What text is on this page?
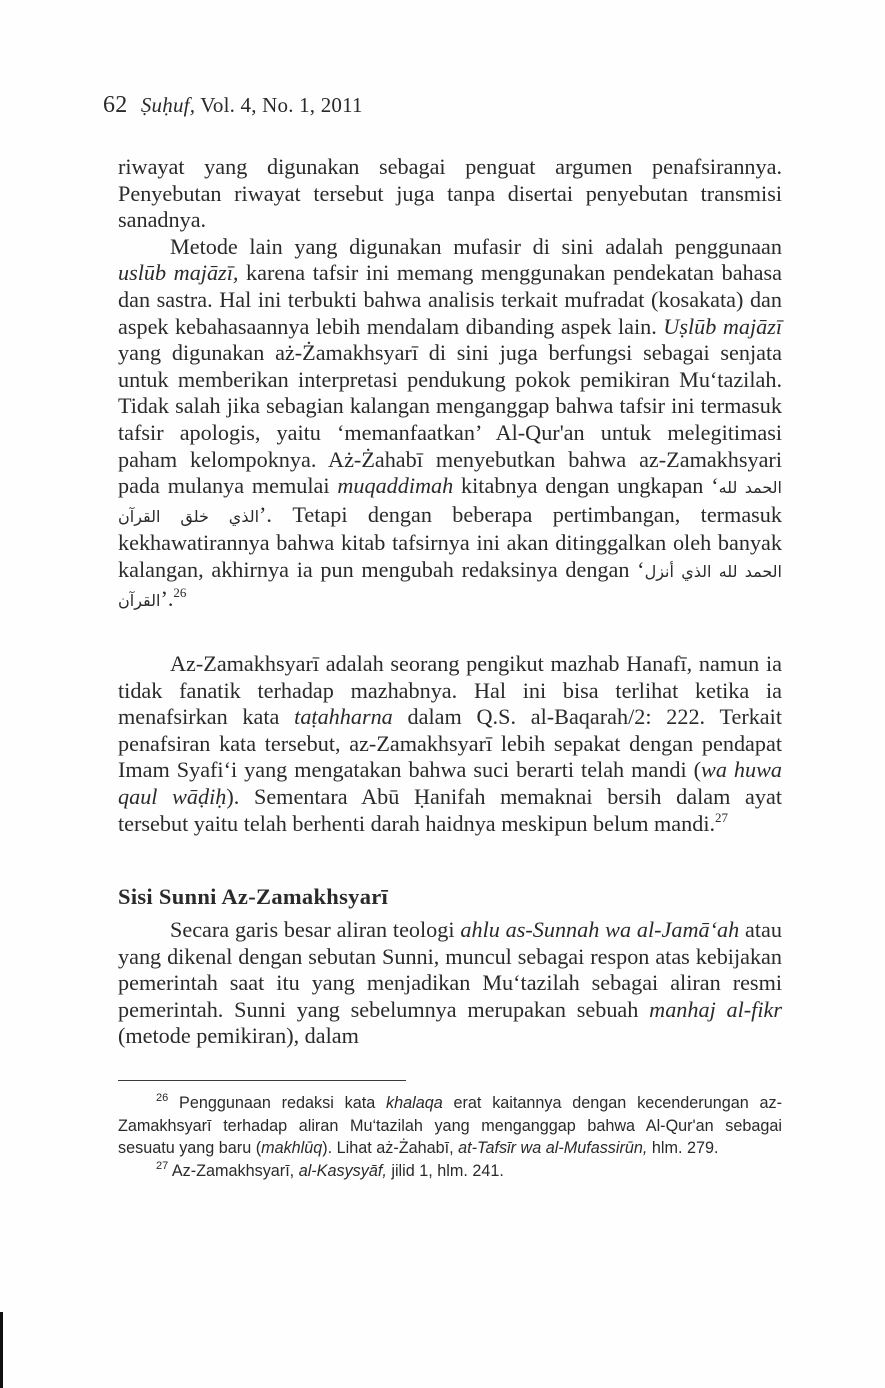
62 Ṣuḥuf, Vol. 4, No. 1, 2011

riwayat yang digunakan sebagai penguat argumen penafsirannya. Penyebutan riwayat tersebut juga tanpa disertai penyebutan transmisi sanadnya.

Metode lain yang digunakan mufasir di sini adalah penggunaan uslūb majāzī, karena tafsir ini memang menggunakan pendekatan bahasa dan sastra. Hal ini terbukti bahwa analisis terkait mufradat (kosakata) dan aspek kebahasaannya lebih mendalam dibanding aspek lain. Uṣlūb majāzī yang digunakan aż-Żamakhsyarī di sini juga berfungsi sebagai senjata untuk memberikan interpretasi pendukung pokok pemikiran Mu‘tazilah. Tidak salah jika sebagian kalangan menganggap bahwa tafsir ini termasuk tafsir apologis, yaitu ‘memanfaatkan’ Al-Qur'an untuk melegitimasi paham kelompoknya. Aż-Żahabī menyebutkan bahwa az-Zamakhsyari pada mulanya memulai muqaddimah kitabnya dengan ungkapan ‘الحمد لله الذي خلق القرآن’. Tetapi dengan beberapa pertimbangan, termasuk kekhawatirannya bahwa kitab tafsirnya ini akan ditinggalkan oleh banyak kalangan, akhirnya ia pun mengubah redaksinya dengan ‘الحمد لله الذي أنزل القرآن’.$^{26}$

Az-Zamakhsyarī adalah seorang pengikut mazhab Hanafī, namun ia tidak fanatik terhadap mazhabnya. Hal ini bisa terlihat ketika ia menafsirkan kata taṭahharna dalam Q.S. al-Baqarah/2: 222. Terkait penafsiran kata tersebut, az-Zamakhsyarī lebih sepakat dengan pendapat Imam Syafi‘i yang mengatakan bahwa suci berarti telah mandi (wa huwa qaul wāḍiḥ). Sementara Abū Ḥanifah memaknai bersih dalam ayat tersebut yaitu telah berhenti darah haidnya meskipun belum mandi.$^{27}$

Sisi Sunni Az-Zamakhsyarī

Secara garis besar aliran teologi ahlu as-Sunnah wa al-Jamā‘ah atau yang dikenal dengan sebutan Sunni, muncul sebagai respon atas kebijakan pemerintah saat itu yang menjadikan Mu‘tazilah sebagai aliran resmi pemerintah. Sunni yang sebelumnya merupakan sebuah manhaj al-fikr (metode pemikiran), dalam

$^{26}$ Penggunaan redaksi kata khalaqa erat kaitannya dengan kecenderungan az-Zamakhsyarī terhadap aliran Mu‘tazilah yang menganggap bahwa Al-Qur'an sebagai sesuatu yang baru (makhlūq). Lihat aż-Żahabī, at-Tafsīr wa al-Mufassirūn, hlm. 279.

$^{27}$ Az-Zamakhsyarī, al-Kasysyāf, jilid 1, hlm. 241.
